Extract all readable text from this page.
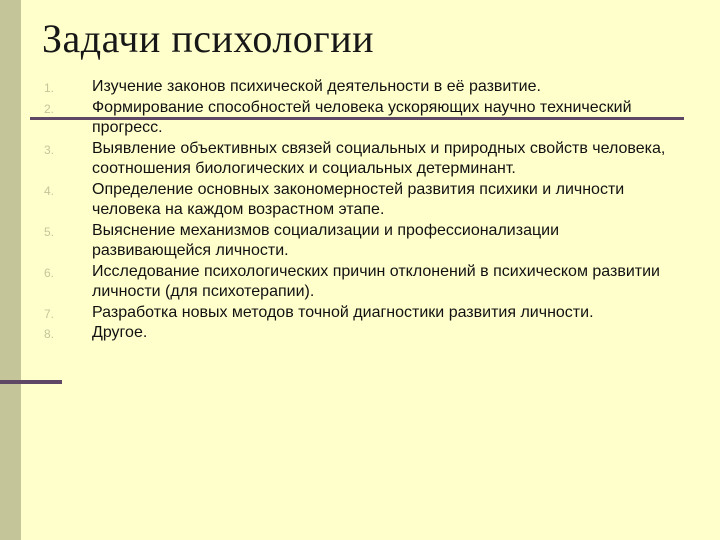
Задачи психологии
1. Изучение законов психической деятельности в её развитие.
2. Формирование способностей человека ускоряющих научно технический прогресс.
3. Выявление объективных связей социальных и природных свойств человека, соотношения биологических и социальных детерминант.
4. Определение основных закономерностей развития психики и личности человека на каждом возрастном этапе.
5. Выяснение механизмов социализации и профессионализации развивающейся личности.
6. Исследование психологических причин отклонений в психическом развитии личности (для психотерапии).
7. Разработка новых методов точной диагностики развития личности.
8. Другое.
